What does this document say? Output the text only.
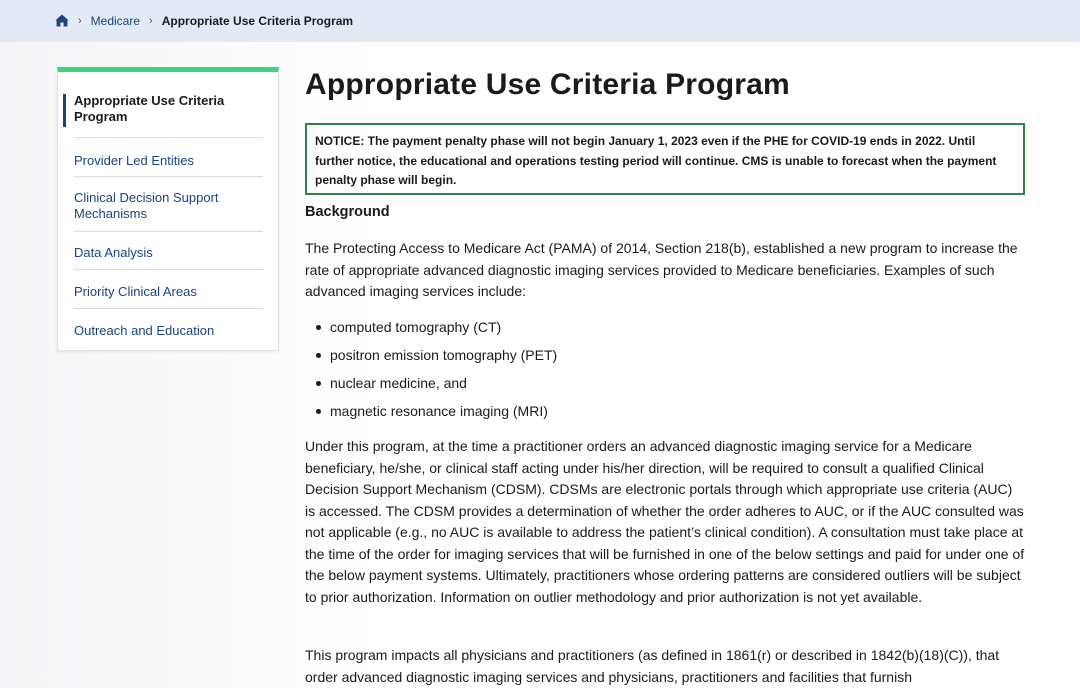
› Medicare › Appropriate Use Criteria Program
Appropriate Use Criteria Program
Provider Led Entities
Clinical Decision Support Mechanisms
Data Analysis
Priority Clinical Areas
Outreach and Education
Appropriate Use Criteria Program
NOTICE: The payment penalty phase will not begin January 1, 2023 even if the PHE for COVID-19 ends in 2022. Until further notice, the educational and operations testing period will continue. CMS is unable to forecast when the payment penalty phase will begin.
Background

The Protecting Access to Medicare Act (PAMA) of 2014, Section 218(b), established a new program to increase the rate of appropriate advanced diagnostic imaging services provided to Medicare beneficiaries. Examples of such advanced imaging services include:

computed tomography (CT)
positron emission tomography (PET)
nuclear medicine, and
magnetic resonance imaging (MRI)

Under this program, at the time a practitioner orders an advanced diagnostic imaging service for a Medicare beneficiary, he/she, or clinical staff acting under his/her direction, will be required to consult a qualified Clinical Decision Support Mechanism (CDSM). CDSMs are electronic portals through which appropriate use criteria (AUC) is accessed. The CDSM provides a determination of whether the order adheres to AUC, or if the AUC consulted was not applicable (e.g., no AUC is available to address the patient’s clinical condition). A consultation must take place at the time of the order for imaging services that will be furnished in one of the below settings and paid for under one of the below payment systems. Ultimately, practitioners whose ordering patterns are considered outliers will be subject to prior authorization. Information on outlier methodology and prior authorization is not yet available.

This program impacts all physicians and practitioners (as defined in 1861(r) or described in 1842(b)(18)(C)), that order advanced diagnostic imaging services and physicians, practitioners and facilities that furnish
